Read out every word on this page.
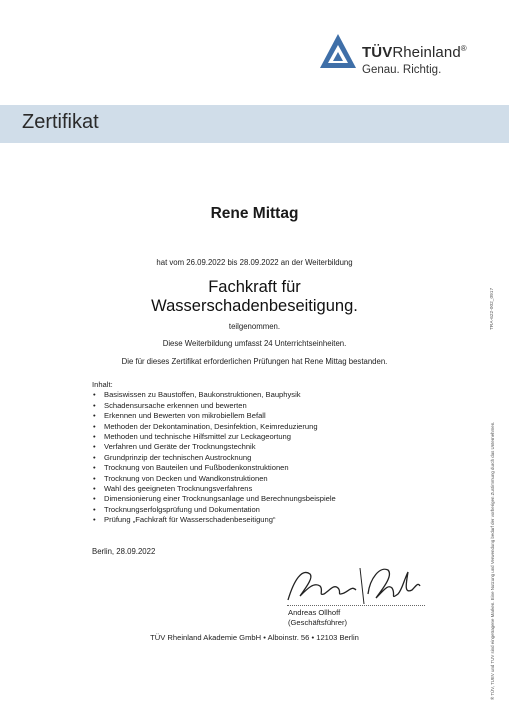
TÜVRheinland®
Genau. Richtig.
Zertifikat
Rene Mittag
hat vom 26.09.2022 bis 28.09.2022 an der Weiterbildung
Fachkraft für
Wasserschadenbeseitigung.
teilgenommen.
Diese Weiterbildung umfasst 24 Unterrichtseinheiten.
Die für dieses Zertifikat erforderlichen Prüfungen hat Rene Mittag bestanden.
Inhalt:
• Basiswissen zu Baustoffen, Baukonstruktionen, Bauphysik
• Schadensursache erkennen und bewerten
• Erkennen und Bewerten von mikrobiellem Befall
• Methoden der Dekontamination, Desinfektion, Keimreduzierung
• Methoden und technische Hilfsmittel zur Leckageortung
• Verfahren und Geräte der Trocknungstechnik
• Grundprinzip der technischen Austrocknung
• Trocknung von Bauteilen und Fußbodenkonstruktionen
• Trocknung von Decken und Wandkonstruktionen
• Wahl des geeigneten Trocknungsverfahrens
• Dimensionierung einer Trocknungsanlage und Berechnungsbeispiele
• Trocknungserfolgsprüfung und Dokumentation
• Prüfung „Fachkraft für Wasserschadenbeseitigung“
Berlin, 28.09.2022
Andreas Ollhoff
(Geschäftsführer)
TÜV Rheinland Akademie GmbH • Alboinstr. 56 • 12103 Berlin
TRA-622-002_0917
® TÜV, TUEV und TUV sind eingetragene Marken. Eine Nutzung und Verwendung bedarf der vorherigen Zustimmung durch das Unternehmen.
